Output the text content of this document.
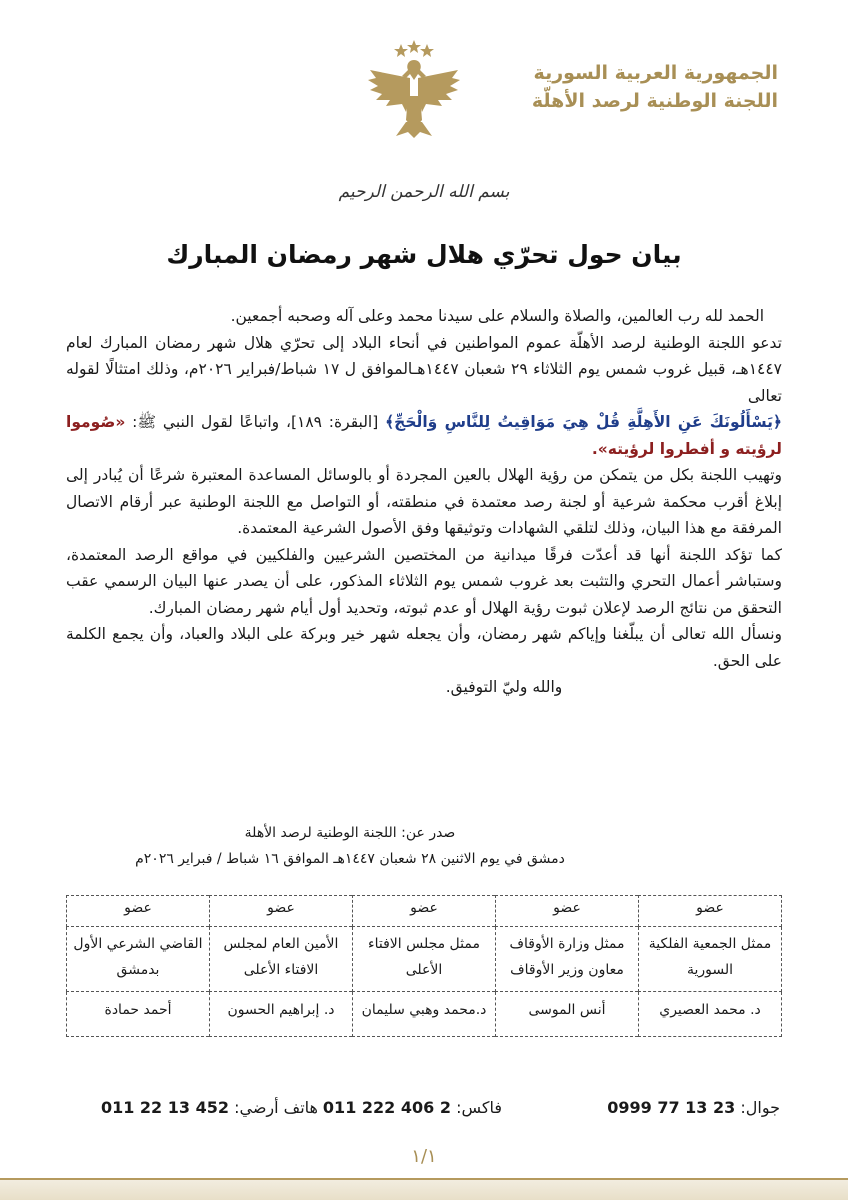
الجمهورية العربية السورية
اللجنة الوطنية لرصد الأهلّة
بسم الله الرحمن الرحيم
بيان حول تحرّي هلال شهر رمضان المبارك

الحمد لله رب العالمين، والصلاة والسلام على سيدنا محمد وعلى آله وصحبه أجمعين.

تدعو اللجنة الوطنية لرصد الأهلّة عموم المواطنين في أنحاء البلاد إلى تحرّي هلال شهر رمضان المبارك لعام ١٤٤٧هـ، قبيل غروب شمس يوم الثلاثاء ٢٩ شعبان ١٤٤٧هـالموافق ل ١٧ شباط/فبراير ٢٠٢٦م، وذلك امتثالًا لقوله تعالى

﴿يَسْأَلُونَكَ عَنِ الأَهِلَّةِ قُلْ هِيَ مَوَاقِيتُ لِلنَّاسِ وَالْحَجِّ﴾ [البقرة: ١٨٩]، واتباعًا لقول النبي ﷺ: «صُوموا لرؤيته و أفطروا لرؤيته».

وتهيب اللجنة بكل من يتمكن من رؤية الهلال بالعين المجردة أو بالوسائل المساعدة المعتبرة شرعًا أن يُبادر إلى إبلاغ أقرب محكمة شرعية أو لجنة رصد معتمدة في منطقته، أو التواصل مع اللجنة الوطنية عبر أرقام الاتصال المرفقة مع هذا البيان، وذلك لتلقي الشهادات وتوثيقها وفق الأصول الشرعية المعتمدة.

كما تؤكد اللجنة أنها قد أعدّت فرقًا ميدانية من المختصين الشرعيين والفلكيين في مواقع الرصد المعتمدة، وستباشر أعمال التحري والتثبت بعد غروب شمس يوم الثلاثاء المذكور، على أن يصدر عنها البيان الرسمي عقب التحقق من نتائج الرصد لإعلان ثبوت رؤية الهلال أو عدم ثبوته، وتحديد أول أيام شهر رمضان المبارك.

ونسأل الله تعالى أن يبلّغنا وإياكم شهر رمضان، وأن يجعله شهر خير وبركة على البلاد والعباد، وأن يجمع الكلمة على الحق.

والله وليّ التوفيق.

صدر عن: اللجنة الوطنية لرصد الأهلة
دمشق في يوم الاثنين ٢٨ شعبان ١٤٤٧هـ الموافق ١٦ شباط / فبراير ٢٠٢٦م
عضو	عضو	عضو	عضو	عضو
ممثل الجمعية الفلكية السورية	ممثل وزارة الأوقاف معاون وزير الأوقاف	ممثل مجلس الافتاء الأعلى	الأمين العام لمجلس الافتاء الأعلى	القاضي الشرعي الأول بدمشق
د. محمد العصيري	أنس الموسى	د.محمد وهبي سليمان	د. إبراهيم الحسون	أحمد حمادة
جوال: 0999 77 13 23
فاكس: 011 222 406 2
هاتف أرضي: 011 22 13 452
١/١
